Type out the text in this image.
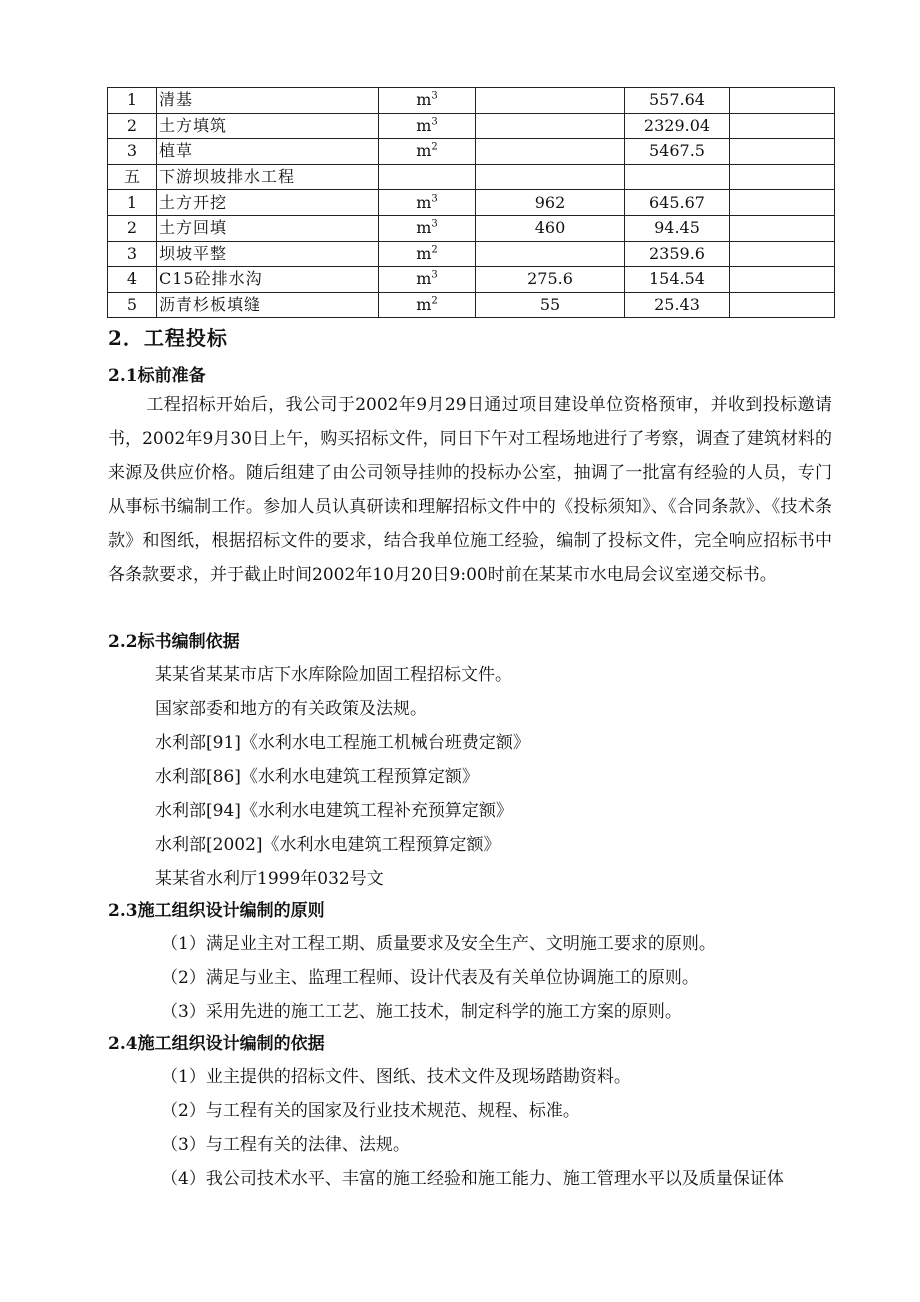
1	清基	$m^3$		557.64	
2	土方填筑	$m^3$		2329.04	
3	植草	$m^2$		5467.5	
五	下游坝坡排水工程				
1	土方开挖	$m^3$	962	645.67	
2	土方回填	$m^3$	460	94.45	
3	坝坡平整	$m^2$		2359.6	
4	C15砼排水沟	$m^3$	275.6	154.54	
5	沥青杉板填缝	$m^2$	55	25.43	
2．工程投标
2.1标前准备
工程招标开始后，我公司于2002年9月29日通过项目建设单位资格预审，并收到投标邀请书，2002年9月30日上午，购买招标文件，同日下午对工程场地进行了考察，调查了建筑材料的来源及供应价格。随后组建了由公司领导挂帅的投标办公室，抽调了一批富有经验的人员，专门从事标书编制工作。参加人员认真研读和理解招标文件中的《投标须知》、《合同条款》、《技术条款》和图纸，根据招标文件的要求，结合我单位施工经验，编制了投标文件，完全响应招标书中各条款要求，并于截止时间2002年10月20日9:00时前在某某市水电局会议室递交标书。
2.2标书编制依据
某某省某某市店下水库除险加固工程招标文件。
国家部委和地方的有关政策及法规。
水利部[91]《水利水电工程施工机械台班费定额》
水利部[86]《水利水电建筑工程预算定额》
水利部[94]《水利水电建筑工程补充预算定额》
水利部[2002]《水利水电建筑工程预算定额》
某某省水利厅1999年032号文
2.3施工组织设计编制的原则
（1）满足业主对工程工期、质量要求及安全生产、文明施工要求的原则。
（2）满足与业主、监理工程师、设计代表及有关单位协调施工的原则。
（3）采用先进的施工工艺、施工技术，制定科学的施工方案的原则。
2.4施工组织设计编制的依据
（1）业主提供的招标文件、图纸、技术文件及现场踏勘资料。
（2）与工程有关的国家及行业技术规范、规程、标准。
（3）与工程有关的法律、法规。
（4）我公司技术水平、丰富的施工经验和施工能力、施工管理水平以及质量保证体
